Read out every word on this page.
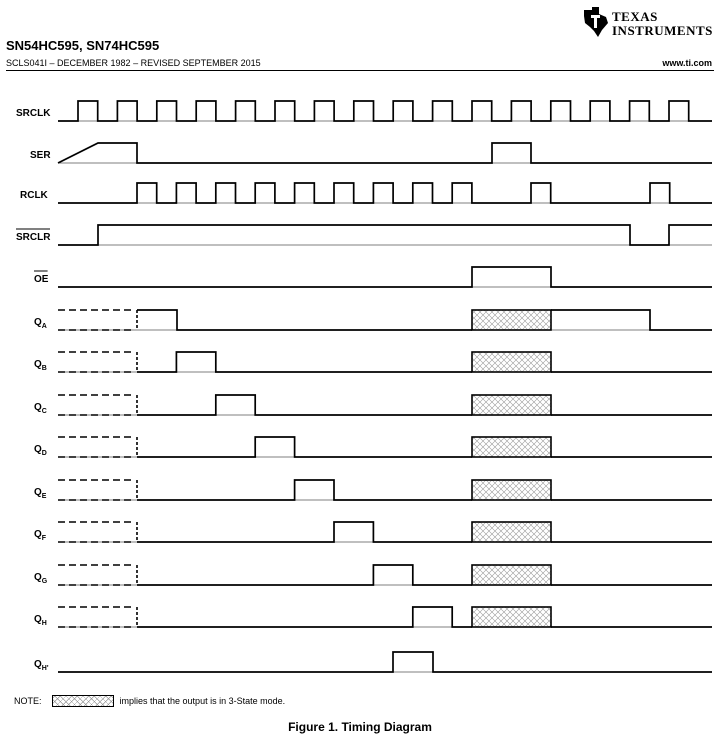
TEXAS
INSTRUMENTS
SN54HC595, SN74HC595
SCLS041I – DECEMBER 1982 – REVISED SEPTEMBER 2015	www.ti.com
SRCLK
SER
RCLK
SRCLR
OE
$Q_A$
$Q_B$
$Q_C$
$Q_D$
$Q_E$
$Q_F$
$Q_G$
$Q_H$
$Q_{H'}$
NOTE:	implies that the output is in 3-State mode.
Figure 1. Timing Diagram
